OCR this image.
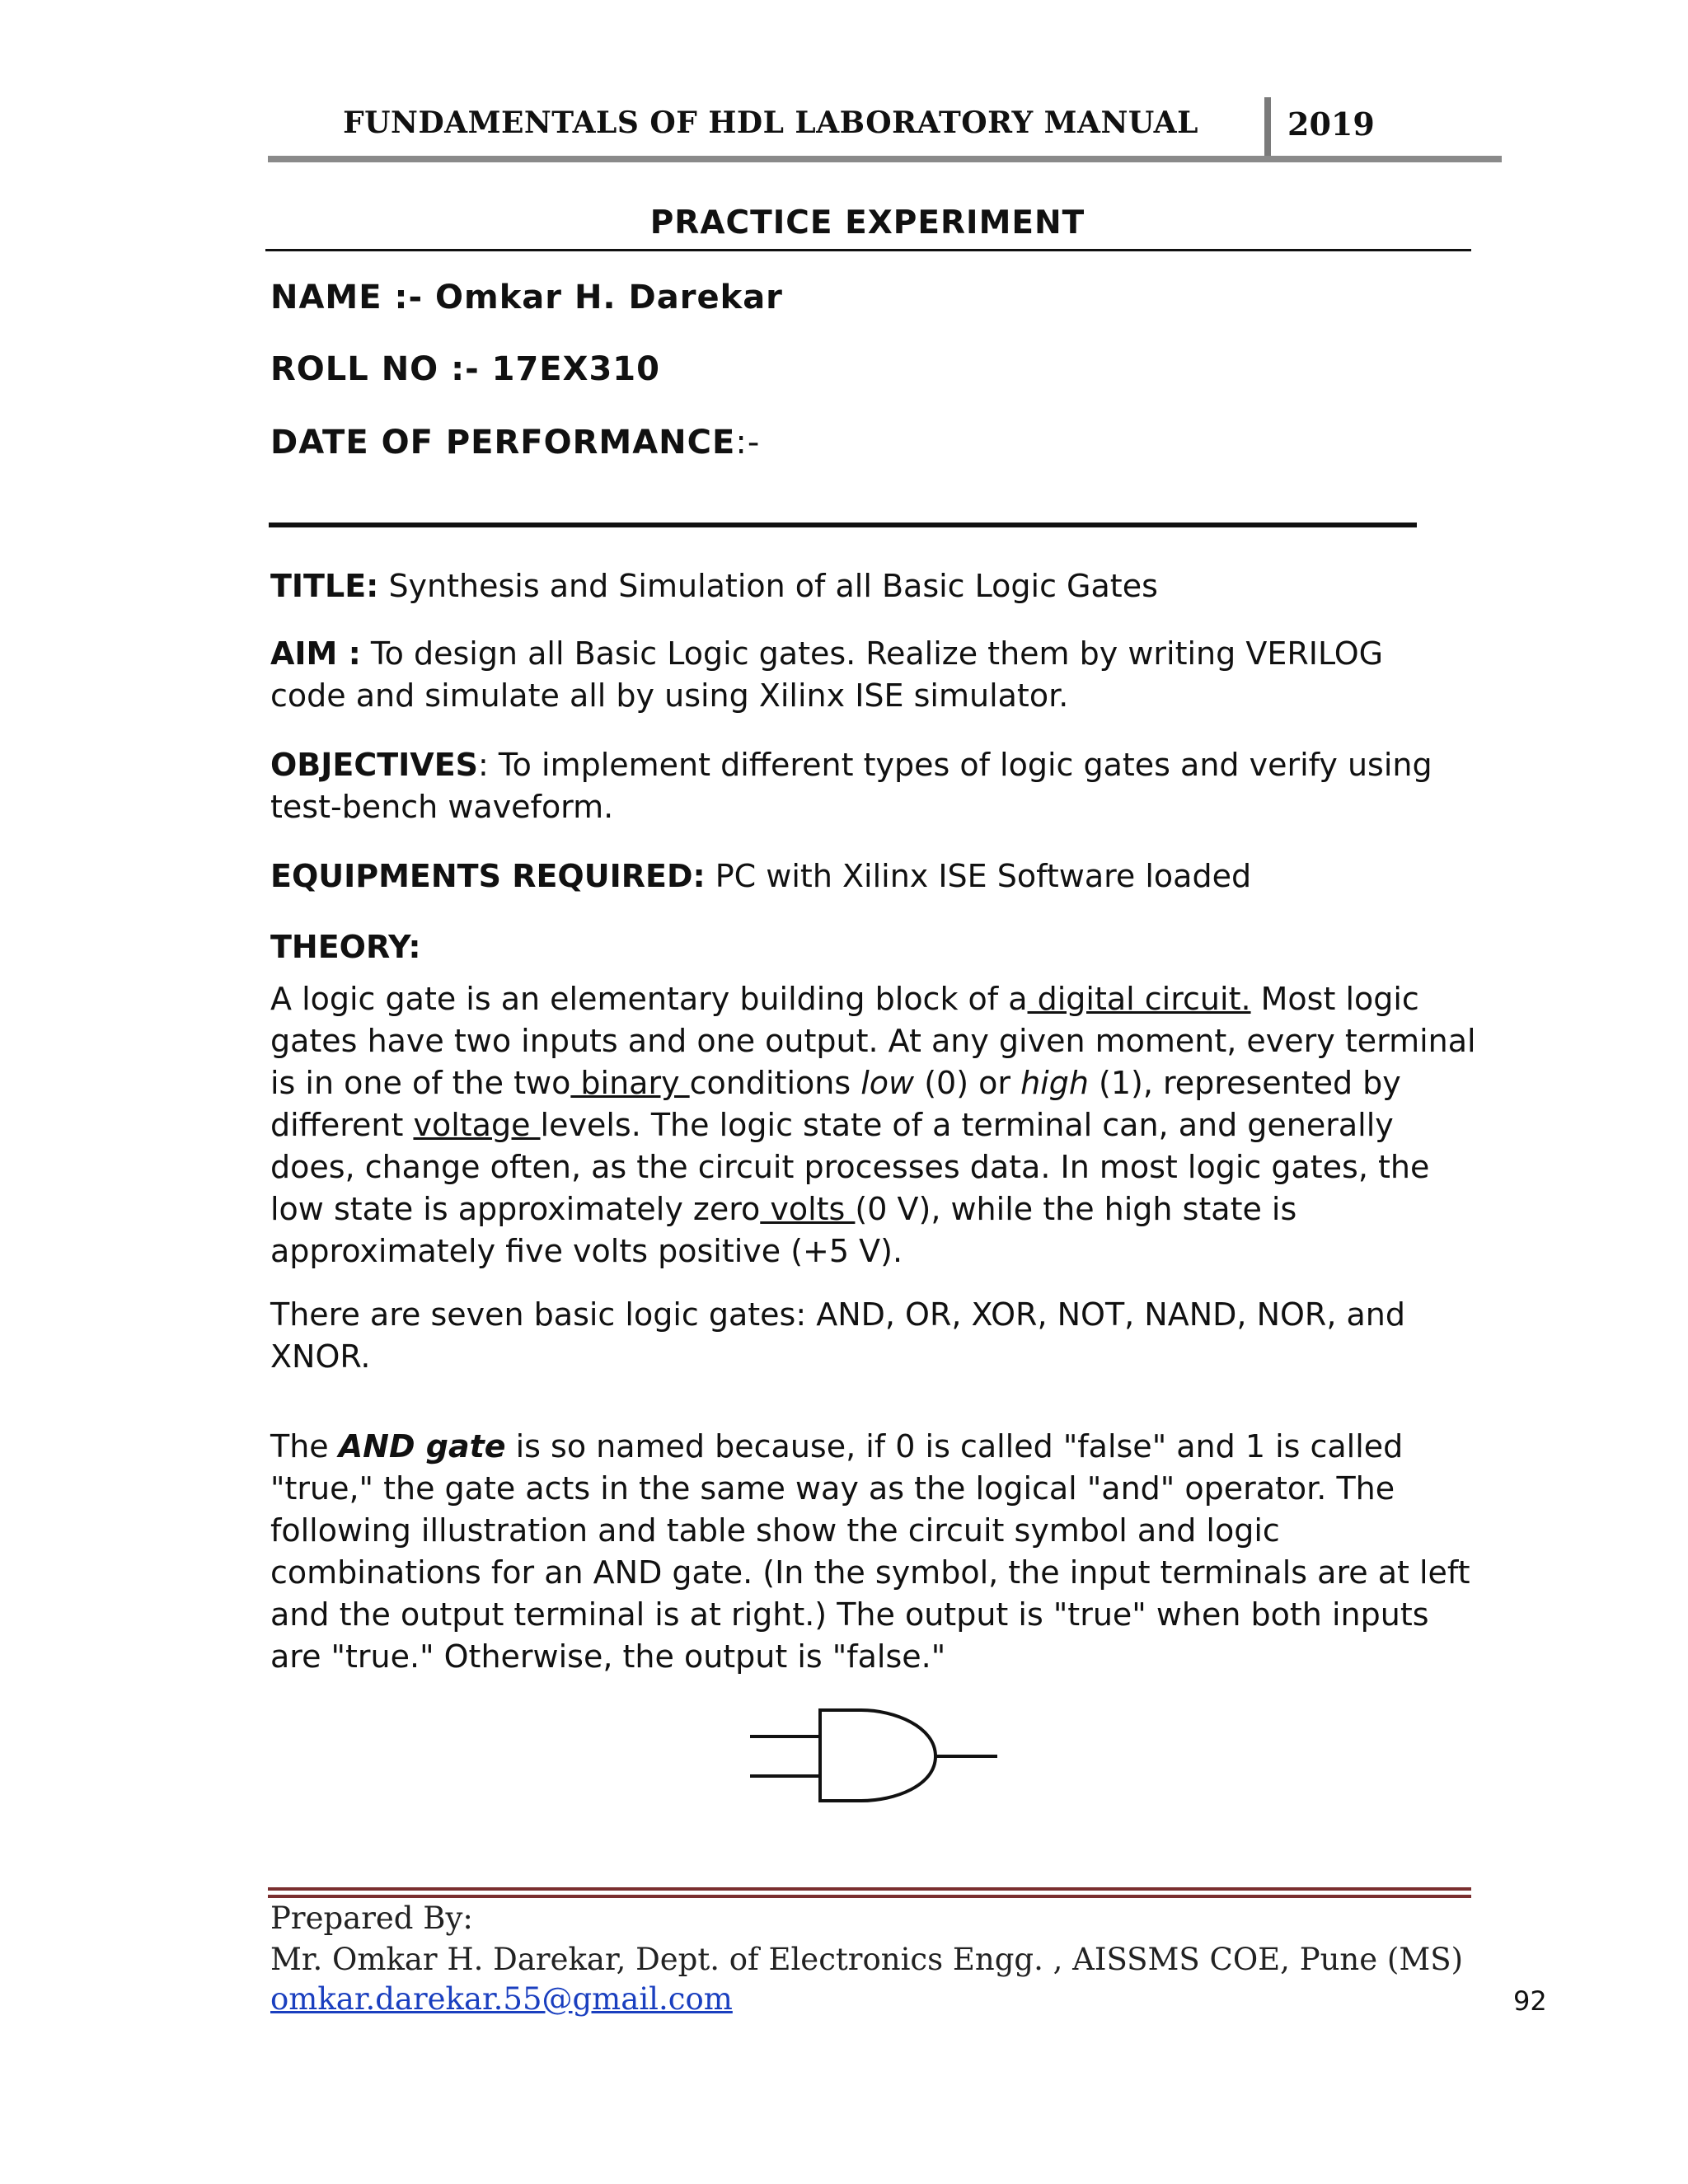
FUNDAMENTALS OF HDL LABORATORY MANUAL	2019
PRACTICE EXPERIMENT
NAME :- Omkar H. Darekar
ROLL NO :- 17EX310
DATE OF PERFORMANCE:-
TITLE: Synthesis and Simulation of all Basic Logic Gates
AIM : To design all Basic Logic gates. Realize them by writing VERILOG code and simulate all by using Xilinx ISE simulator.
OBJECTIVES: To implement different types of logic gates and verify using test-bench waveform.
EQUIPMENTS REQUIRED: PC with Xilinx ISE Software loaded
THEORY:
A logic gate is an elementary building block of a digital circuit. Most logic gates have two inputs and one output. At any given moment, every terminal is in one of the two binary conditions low (0) or high (1), represented by different voltage levels. The logic state of a terminal can, and generally does, change often, as the circuit processes data. In most logic gates, the low state is approximately zero volts (0 V), while the high state is approximately five volts positive (+5 V).
There are seven basic logic gates: AND, OR, XOR, NOT, NAND, NOR, and XNOR.
The AND gate is so named because, if 0 is called "false" and 1 is called "true," the gate acts in the same way as the logical "and" operator. The following illustration and table show the circuit symbol and logic combinations for an AND gate. (In the symbol, the input terminals are at left and the output terminal is at right.) The output is "true" when both inputs are "true." Otherwise, the output is "false."
Prepared By:
Mr. Omkar H. Darekar, Dept. of Electronics Engg. , AISSMS COE, Pune (MS)
omkar.darekar.55@gmail.com	92
